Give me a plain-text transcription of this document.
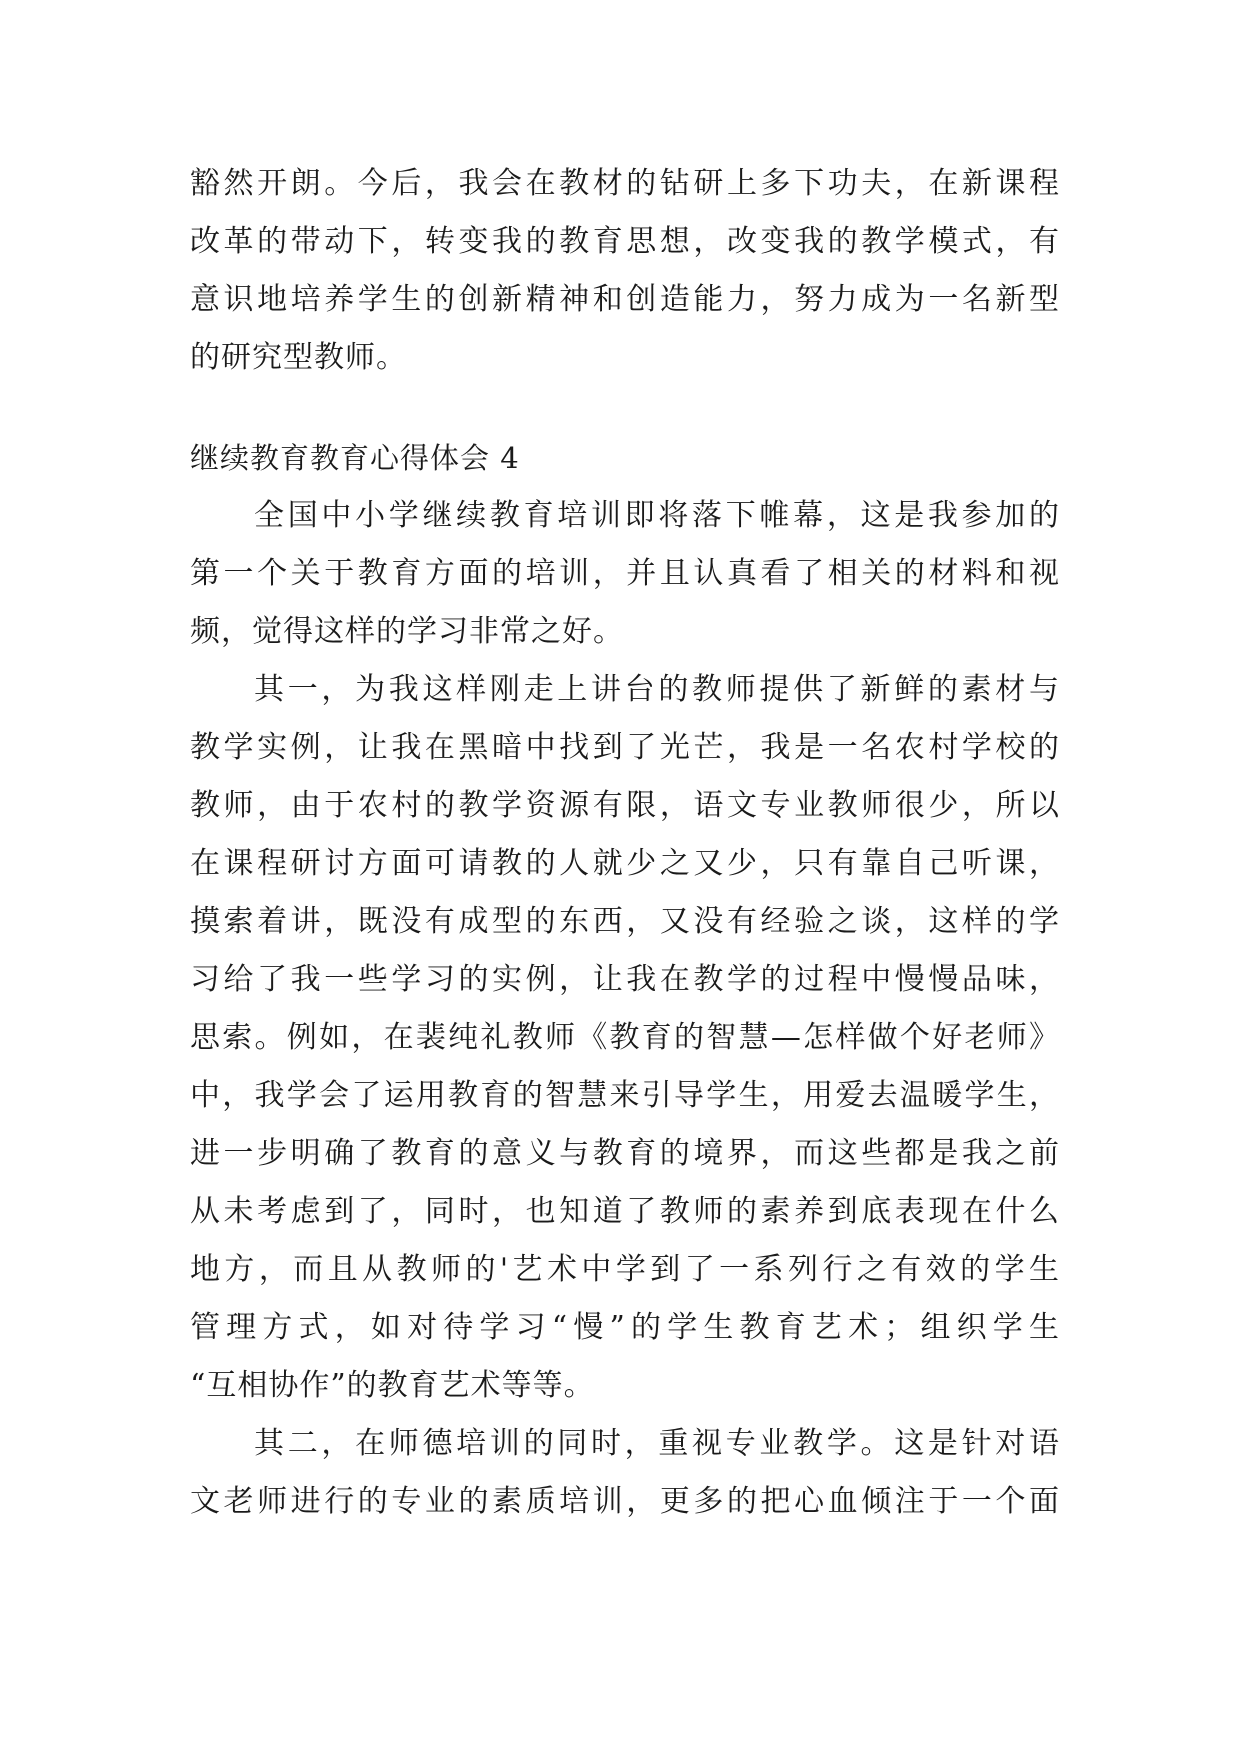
豁然开朗。今后，我会在教材的钻研上多下功夫，在新课程
改革的带动下，转变我的教育思想，改变我的教学模式，有
意识地培养学生的创新精神和创造能力，努力成为一名新型
的研究型教师。
继续教育教育心得体会 4
全国中小学继续教育培训即将落下帷幕，这是我参加的
第一个关于教育方面的培训，并且认真看了相关的材料和视
频，觉得这样的学习非常之好。
其一，为我这样刚走上讲台的教师提供了新鲜的素材与
教学实例，让我在黑暗中找到了光芒，我是一名农村学校的
教师，由于农村的教学资源有限，语文专业教师很少，所以
在课程研讨方面可请教的人就少之又少，只有靠自己听课，
摸索着讲，既没有成型的东西，又没有经验之谈，这样的学
习给了我一些学习的实例，让我在教学的过程中慢慢品味，
思索。例如，在裴纯礼教师《教育的智慧—怎样做个好老师》
中，我学会了运用教育的智慧来引导学生，用爱去温暖学生，
进一步明确了教育的意义与教育的境界，而这些都是我之前
从未考虑到了，同时，也知道了教师的素养到底表现在什么
地方，而且从教师的'艺术中学到了一系列行之有效的学生
管理方式，如对待学习“慢”的学生教育艺术；组织学生
“互相协作”的教育艺术等等。
其二，在师德培训的同时，重视专业教学。这是针对语
文老师进行的专业的素质培训，更多的把心血倾注于一个面
